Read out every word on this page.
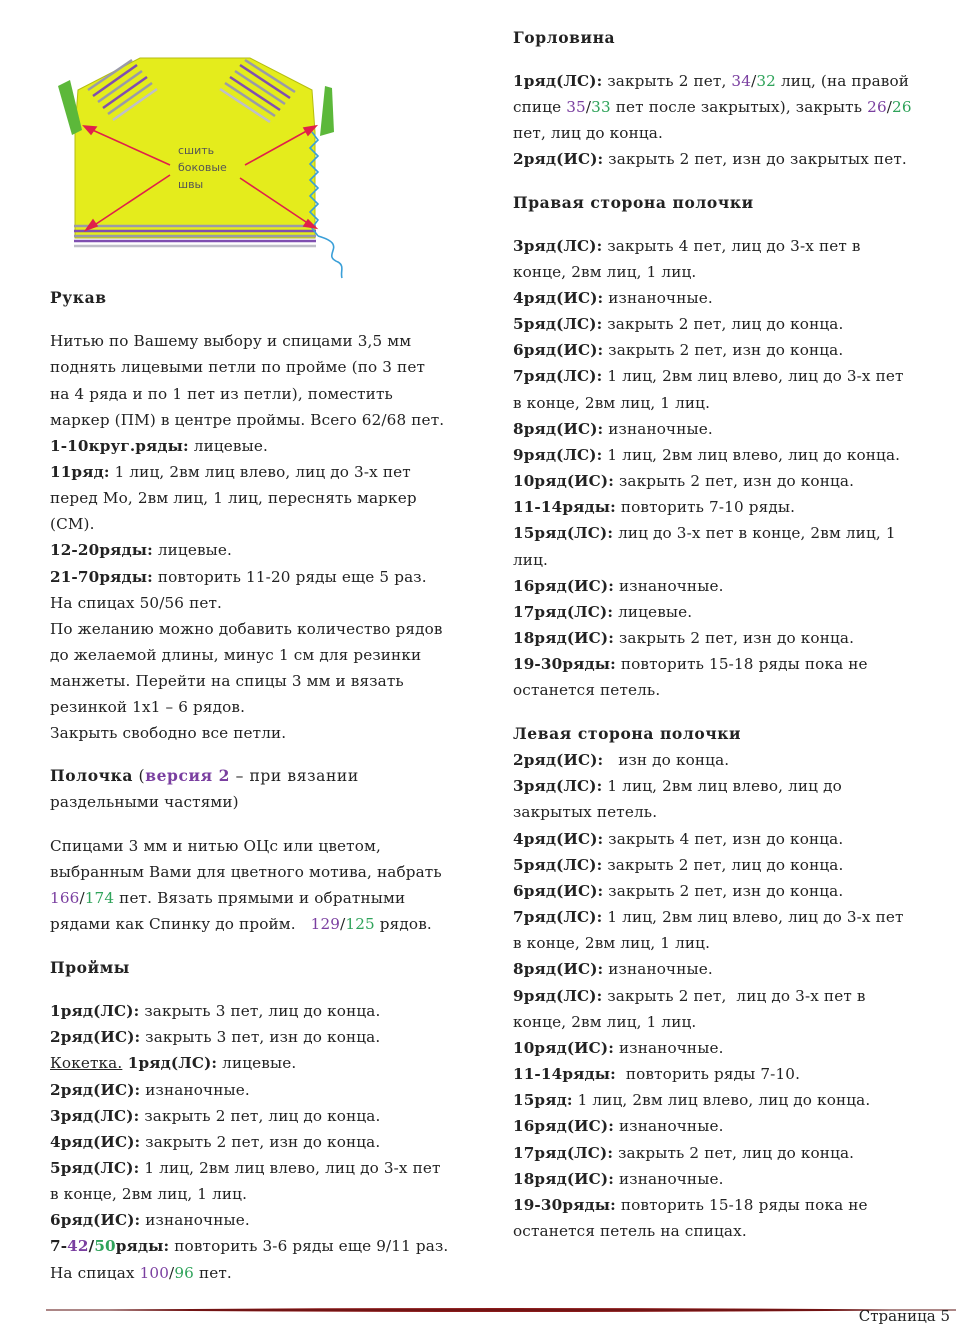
сшить
боковые
швы
Рукав
Нитью по Вашему выбору и спицами 3,5 мм
поднять лицевыми петли по пройме (по 3 пет
на 4 ряда и по 1 пет из петли), поместить
маркер (ПМ) в центре проймы. Всего 62/68 пет.
1-10круг.ряды: лицевые.
11ряд: 1 лиц, 2вм лиц влево, лиц до 3-х пет
перед Мо, 2вм лиц, 1 лиц, переснять маркер
(СМ).
12-20ряды: лицевые.
21-70ряды: повторить 11-20 ряды еще 5 раз.
На спицах 50/56 пет.
По желанию можно добавить количество рядов
до желаемой длины, минус 1 см для резинки
манжеты. Перейти на спицы 3 мм и вязать
резинкой 1х1 – 6 рядов.
Закрыть свободно все петли.
Полочка (версия 2 – при вязании
раздельными частями)
Спицами 3 мм и нитью ОЦс или цветом,
выбранным Вами для цветного мотива, набрать
166/174 пет. Вязать прямыми и обратными
рядами как Спинку до пройм.   129/125 рядов.
Проймы
1ряд(ЛС): закрыть 3 пет, лиц до конца.
2ряд(ИС): закрыть 3 пет, изн до конца.
Кокетка. 1ряд(ЛС): лицевые.
2ряд(ИС): изнаночные.
3ряд(ЛС): закрыть 2 пет, лиц до конца.
4ряд(ИС): закрыть 2 пет, изн до конца.
5ряд(ЛС): 1 лиц, 2вм лиц влево, лиц до 3-х пет
в конце, 2вм лиц, 1 лиц.
6ряд(ИС): изнаночные.
7-42/50ряды: повторить 3-6 ряды еще 9/11 раз.
На спицах 100/96 пет.
Горловина
1ряд(ЛС): закрыть 2 пет, 34/32 лиц, (на правой
спице 35/33 пет после закрытых), закрыть 26/26
пет, лиц до конца.
2ряд(ИС): закрыть 2 пет, изн до закрытых пет.
Правая сторона полочки
3ряд(ЛС): закрыть 4 пет, лиц до 3-х пет в
конце, 2вм лиц, 1 лиц.
4ряд(ИС): изнаночные.
5ряд(ЛС): закрыть 2 пет, лиц до конца.
6ряд(ИС): закрыть 2 пет, изн до конца.
7ряд(ЛС): 1 лиц, 2вм лиц влево, лиц до 3-х пет
в конце, 2вм лиц, 1 лиц.
8ряд(ИС): изнаночные.
9ряд(ЛС): 1 лиц, 2вм лиц влево, лиц до конца.
10ряд(ИС): закрыть 2 пет, изн до конца.
11-14ряды: повторить 7-10 ряды.
15ряд(ЛС): лиц до 3-х пет в конце, 2вм лиц, 1
лиц.
16ряд(ИС): изнаночные.
17ряд(ЛС): лицевые.
18ряд(ИС): закрыть 2 пет, изн до конца.
19-30ряды: повторить 15-18 ряды пока не
останется петель.
Левая сторона полочки
2ряд(ИС):   изн до конца.
3ряд(ЛС): 1 лиц, 2вм лиц влево, лиц до
закрытых петель.
4ряд(ИС): закрыть 4 пет, изн до конца.
5ряд(ЛС): закрыть 2 пет, лиц до конца.
6ряд(ИС): закрыть 2 пет, изн до конца.
7ряд(ЛС): 1 лиц, 2вм лиц влево, лиц до 3-х пет
в конце, 2вм лиц, 1 лиц.
8ряд(ИС): изнаночные.
9ряд(ЛС): закрыть 2 пет,  лиц до 3-х пет в
конце, 2вм лиц, 1 лиц.
10ряд(ИС): изнаночные.
11-14ряды:  повторить ряды 7-10.
15ряд: 1 лиц, 2вм лиц влево, лиц до конца.
16ряд(ИС): изнаночные.
17ряд(ЛС): закрыть 2 пет, лиц до конца.
18ряд(ИС): изнаночные.
19-30ряды: повторить 15-18 ряды пока не
останется петель на спицах.
Страница 5
